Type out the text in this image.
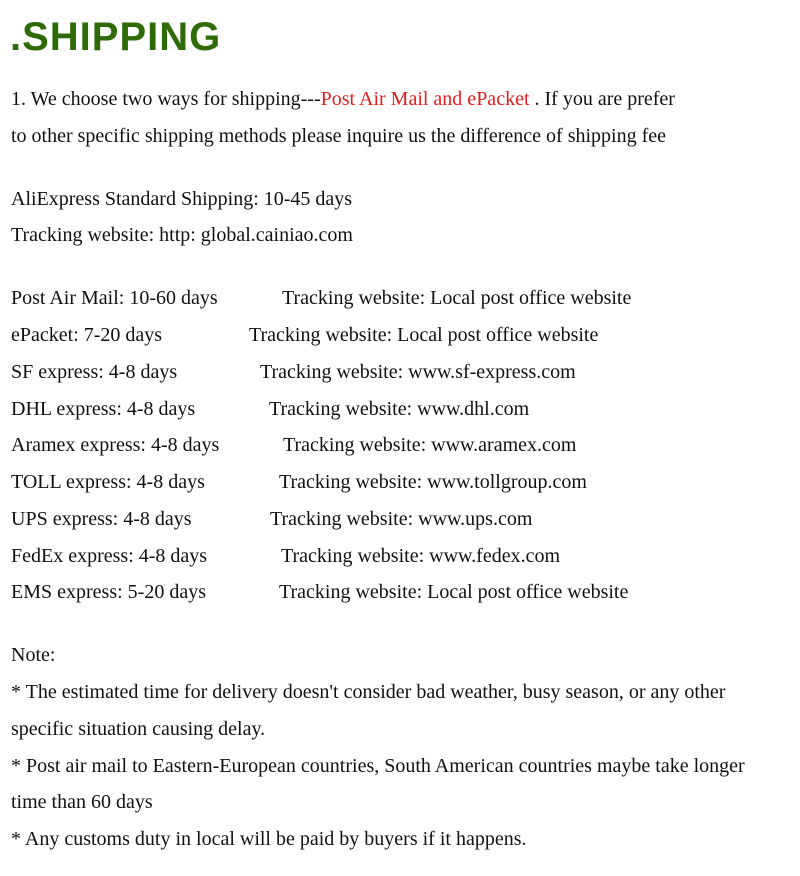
.SHIPPING
1. We choose two ways for shipping---Post Air Mail and ePacket . If you are prefer
to other specific shipping methods please inquire us the difference of shipping fee
AliExpress Standard Shipping: 10-45 days
Tracking website: http: global.cainiao.com
Post Air Mail: 10-60 days	Tracking website: Local post office website
ePacket: 7-20 days	Tracking website: Local post office website
SF express: 4-8 days	Tracking website: www.sf-express.com
DHL express: 4-8 days	Tracking website: www.dhl.com
Aramex express: 4-8 days	Tracking website: www.aramex.com
TOLL express: 4-8 days	Tracking website: www.tollgroup.com
UPS express: 4-8 days	Tracking website: www.ups.com
FedEx express: 4-8 days	Tracking website: www.fedex.com
EMS express: 5-20 days	Tracking website: Local post office website
Note:
* The estimated time for delivery doesn't consider bad weather, busy season, or any other
specific situation causing delay.
* Post air mail to Eastern-European countries, South American countries maybe take longer
time than 60 days
* Any customs duty in local will be paid by buyers if it happens.
